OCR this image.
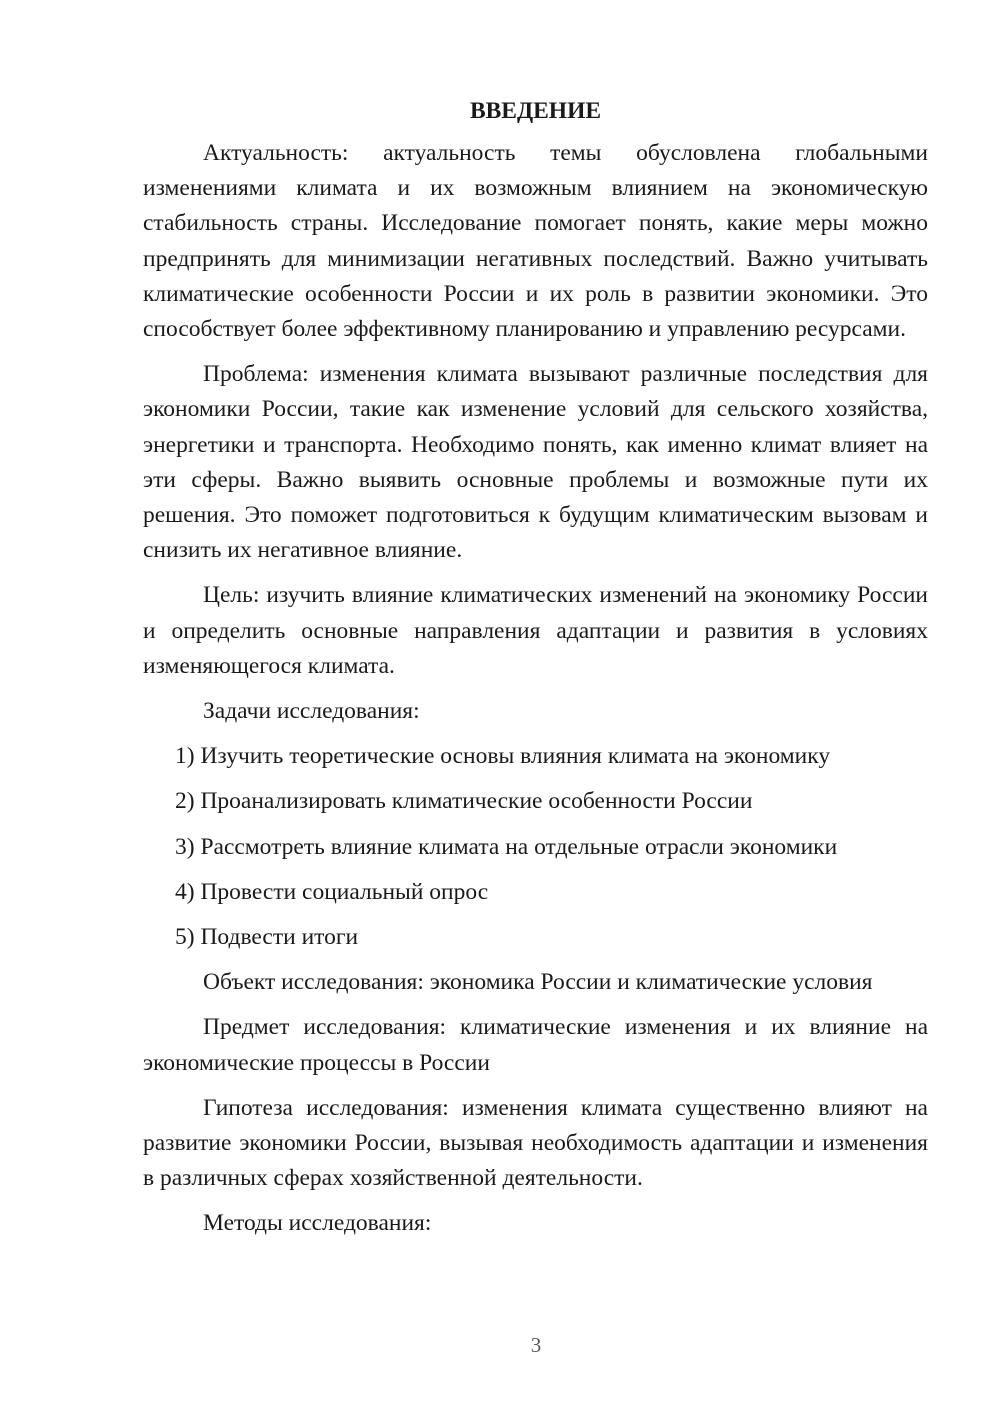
ВВЕДЕНИЕ

Актуальность: актуальность темы обусловлена глобальными изменениями климата и их возможным влиянием на экономическую стабильность страны. Исследование помогает понять, какие меры можно предпринять для минимизации негативных последствий. Важно учитывать климатические особенности России и их роль в развитии экономики. Это способствует более эффективному планированию и управлению ресурсами.

Проблема: изменения климата вызывают различные последствия для экономики России, такие как изменение условий для сельского хозяйства, энергетики и транспорта. Необходимо понять, как именно климат влияет на эти сферы. Важно выявить основные проблемы и возможные пути их решения. Это поможет подготовиться к будущим климатическим вызовам и снизить их негативное влияние.

Цель: изучить влияние климатических изменений на экономику России и определить основные направления адаптации и развития в условиях изменяющегося климата.

Задачи исследования:

1) Изучить теоретические основы влияния климата на экономику
2) Проанализировать климатические особенности России
3) Рассмотреть влияние климата на отдельные отрасли экономики
4) Провести социальный опрос
5) Подвести итоги

Объект исследования: экономика России и климатические условия

Предмет исследования: климатические изменения и их влияние на экономические процессы в России

Гипотеза исследования: изменения климата существенно влияют на развитие экономики России, вызывая необходимость адаптации и изменения в различных сферах хозяйственной деятельности.

Методы исследования:

3
